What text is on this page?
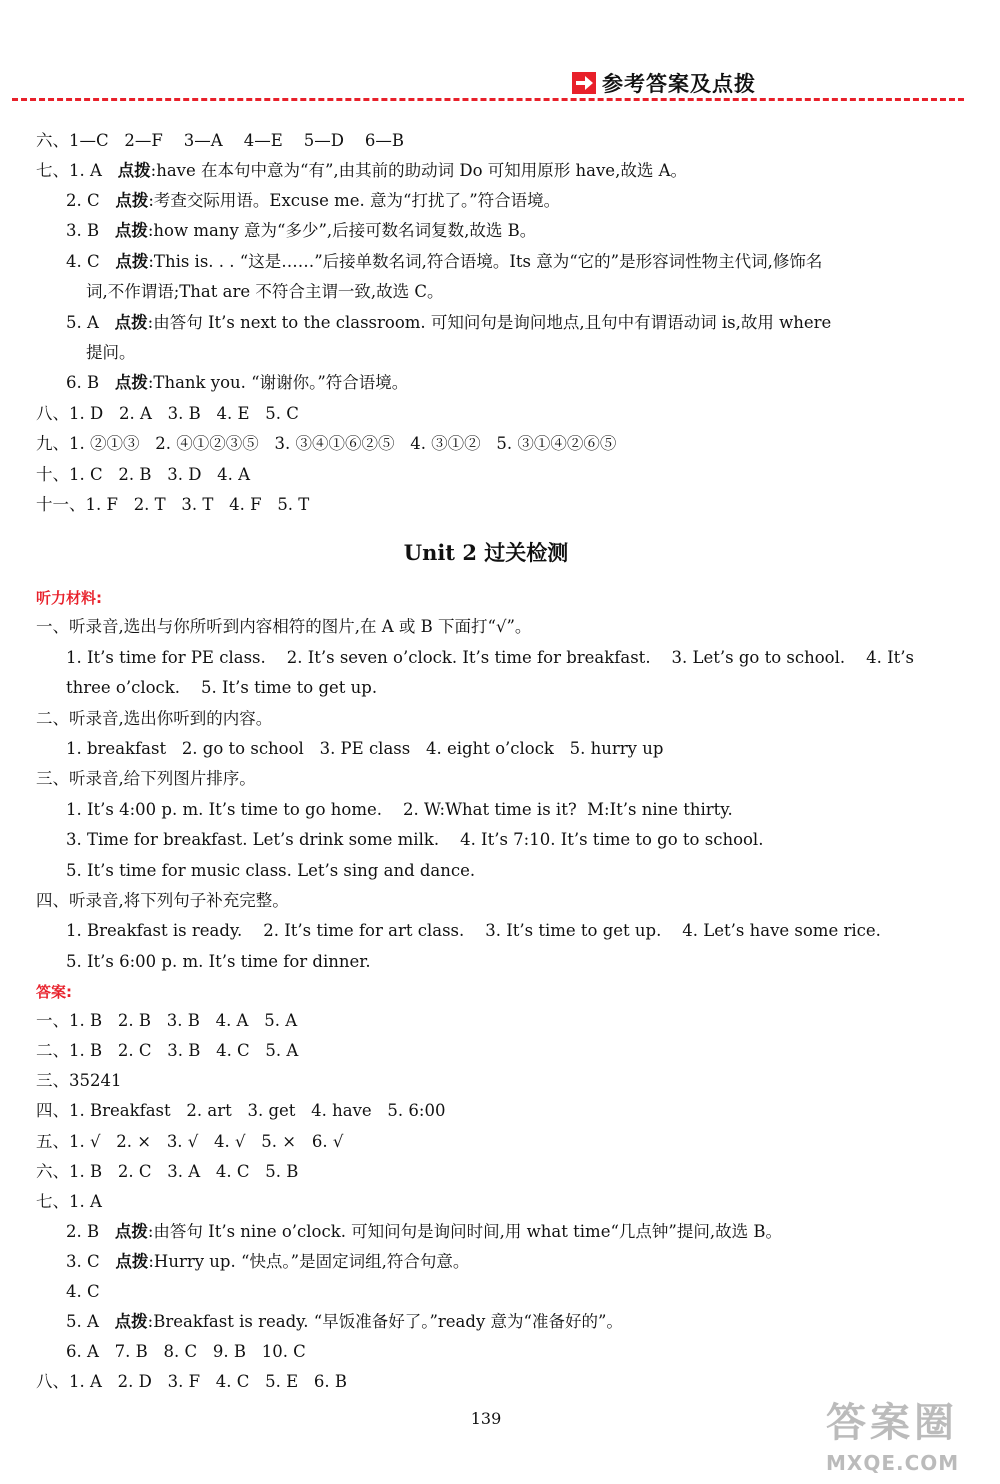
参考答案及点拨
六、1—C 2—F    3—A    4—E    5—D    6—B
七、1. A 点拨:have 在本句中意为“有”,由其前的助动词 Do 可知用原形 have,故选 A。
2. C 点拨:考查交际用语。Excuse me. 意为“打扰了。”符合语境。
3. B 点拨:how many 意为“多少”,后接可数名词复数,故选 B。
4. C 点拨:This is. . . “这是……”后接单数名词,符合语境。Its 意为“它的”是形容词性物主代词,修饰名
词,不作谓语;That are 不符合主谓一致,故选 C。
5. A 点拨:由答句 It’s next to the classroom. 可知问句是询问地点,且句中有谓语动词 is,故用 where
提问。
6. B 点拨:Thank you. “谢谢你。”符合语境。
八、1. D 2. A   3. B   4. E   5. C
九、1. ②①③ 2. ④①②③⑤   3. ③④①⑥②⑤   4. ③①②   5. ③①④②⑥⑤
十、1. C 2. B   3. D   4. A
十一、1. F 2. T   3. T   4. F   5. T
Unit 2 过关检测
听力材料:
一、听录音,选出与你所听到内容相符的图片,在 A 或 B 下面打“√”。
1. It’s time for PE class.    2. It’s seven o’clock. It’s time for breakfast.    3. Let’s go to school.    4. It’s
three o’clock.    5. It’s time to get up.
二、听录音,选出你听到的内容。
1. breakfast   2. go to school   3. PE class   4. eight o’clock   5. hurry up
三、听录音,给下列图片排序。
1. It’s 4:00 p. m. It’s time to go home.    2. W:What time is it?  M:It’s nine thirty.
3. Time for breakfast. Let’s drink some milk.    4. It’s 7:10. It’s time to go to school.
5. It’s time for music class. Let’s sing and dance.
四、听录音,将下列句子补充完整。
1. Breakfast is ready.    2. It’s time for art class.    3. It’s time to get up.    4. Let’s have some rice.
5. It’s 6:00 p. m. It’s time for dinner.
答案:
一、1. B 2. B   3. B   4. A   5. A
二、1. B 2. C   3. B   4. C   5. A
三、35241
四、1. Breakfast 2. art   3. get   4. have   5. 6:00
五、1. √ 2. ×   3. √   4. √   5. ×   6. √
六、1. B 2. C   3. A   4. C   5. B
七、1. A
2. B 点拨:由答句 It’s nine o’clock. 可知问句是询问时间,用 what time“几点钟”提问,故选 B。
3. C 点拨:Hurry up. “快点。”是固定词组,符合句意。
4. C
5. A 点拨:Breakfast is ready. “早饭准备好了。”ready 意为“准备好的”。
6. A 7. B   8. C   9. B   10. C
八、1. A 2. D   3. F   4. C   5. E   6. B
139	答案圈
MXQE.COM
